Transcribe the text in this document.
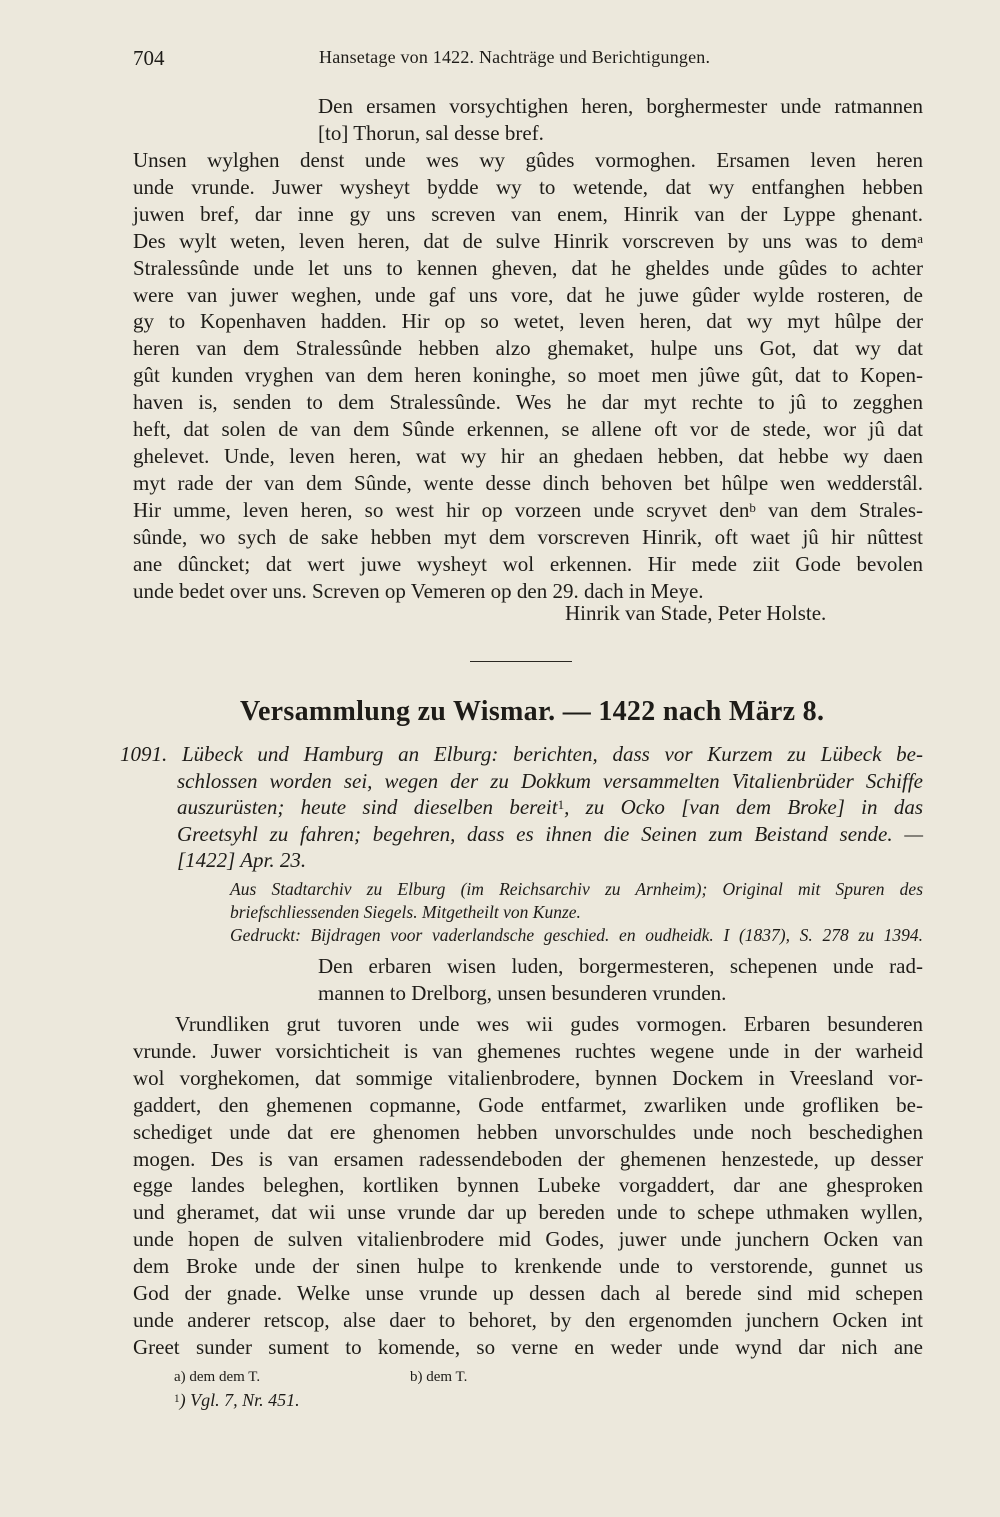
704	Hansetage von 1422. Nachträge und Berichtigungen.
Den ersamen vorsychtighen heren, borghermester unde ratmannen
[to] Thorun, sal desse bref.
Unsen wylghen denst unde wes wy gûdes vormoghen. Ersamen leven heren
unde vrunde. Juwer wysheyt bydde wy to wetende, dat wy entfanghen hebben
juwen bref, dar inne gy uns screven van enem, Hinrik van der Lyppe ghenant.
Des wylt weten, leven heren, dat de sulve Hinrik vorscreven by uns was to dem$^a$
Stralessûnde unde let uns to kennen gheven, dat he gheldes unde gûdes to achter
were van juwer weghen, unde gaf uns vore, dat he juwe gûder wylde rosteren, de
gy to Kopenhaven hadden. Hir op so wetet, leven heren, dat wy myt hûlpe der
heren van dem Stralessûnde hebben alzo ghemaket, hulpe uns Got, dat wy dat
gût kunden vryghen van dem heren koninghe, so moet men jûwe gût, dat to Kopen-
haven is, senden to dem Stralessûnde. Wes he dar myt rechte to jû to zegghen
heft, dat solen de van dem Sûnde erkennen, se allene oft vor de stede, wor jû dat
ghelevet. Unde, leven heren, wat wy hir an ghedaen hebben, dat hebbe wy daen
myt rade der van dem Sûnde, wente desse dinch behoven bet hûlpe wen wedderstâl.
Hir umme, leven heren, so west hir op vorzeen unde scryvet den$^b$ van dem Strales-
sûnde, wo sych de sake hebben myt dem vorscreven Hinrik, oft waet jû hir nûttest
ane dûncket; dat wert juwe wysheyt wol erkennen. Hir mede ziit Gode bevolen
unde bedet over uns. Screven op Vemeren op den 29. dach in Meye.
Hinrik van Stade, Peter Holste.
Versammlung zu Wismar. — 1422 nach März 8.
1091. Lübeck und Hamburg an Elburg: berichten, dass vor Kurzem zu Lübeck be-
schlossen worden sei, wegen der zu Dokkum versammelten Vitalienbrüder Schiffe
auszurüsten; heute sind dieselben bereit$^1$, zu Ocko [van dem Broke] in das
Greetsyhl zu fahren; begehren, dass es ihnen die Seinen zum Beistand sende. —
[1422] Apr. 23.
Aus Stadtarchiv zu Elburg (im Reichsarchiv zu Arnheim); Original mit Spuren des
briefschliessenden Siegels. Mitgetheilt von Kunze.
Gedruckt: Bijdragen voor vaderlandsche geschied. en oudheidk. I (1837), S. 278 zu 1394.
Den erbaren wisen luden, borgermesteren, schepenen unde rad-
mannen to Drelborg, unsen besunderen vrunden.
Vrundliken grut tuvoren unde wes wii gudes vormogen. Erbaren besunderen
vrunde. Juwer vorsichticheit is van ghemenes ruchtes wegene unde in der warheid
wol vorghekomen, dat sommige vitalienbrodere, bynnen Dockem in Vreesland vor-
gaddert, den ghemenen copmanne, Gode entfarmet, zwarliken unde grofliken be-
schediget unde dat ere ghenomen hebben unvorschuldes unde noch beschedighen
mogen. Des is van ersamen radessendeboden der ghemenen henzestede, up desser
egge landes beleghen, kortliken bynnen Lubeke vorgaddert, dar ane ghesproken
und gheramet, dat wii unse vrunde dar up bereden unde to schepe uthmaken wyllen,
unde hopen de sulven vitalienbrodere mid Godes, juwer unde junchern Ocken van
dem Broke unde der sinen hulpe to krenkende unde to verstorende, gunnet us
God der gnade. Welke unse vrunde up dessen dach al berede sind mid schepen
unde anderer retscop, alse daer to behoret, by den ergenomden junchern Ocken int
Greet sunder sument to komende, so verne en weder unde wynd dar nich ane
a) dem dem T.	b) dem T.
$^1$) Vgl. 7, Nr. 451.
